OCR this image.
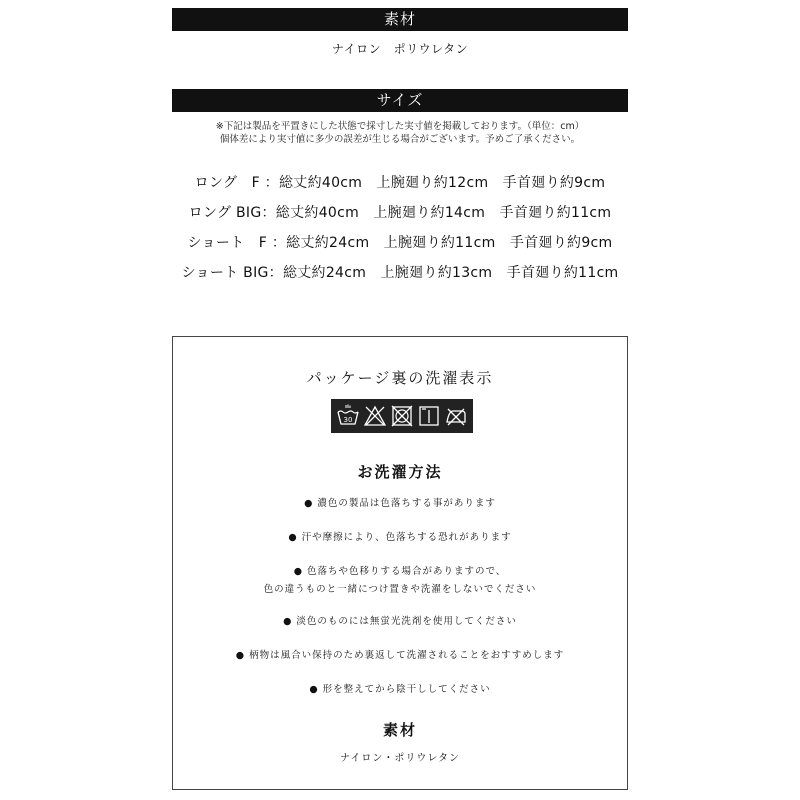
素材
ナイロン　ポリウレタン
サイズ
※下記は製品を平置きにした状態で採寸した実寸値を掲載しております。（単位：cm）
個体差により実寸値に多少の誤差が生じる場合がございます。予めご了承ください。
ロング　F ：総丈約40cm　上腕廻り約12cm　手首廻り約9cm
ロング BIG：総丈約40cm　上腕廻り約14cm　手首廻り約11cm
ショート　F ：総丈約24cm　上腕廻り約11cm　手首廻り約9cm
ショート BIG：総丈約24cm　上腕廻り約13cm　手首廻り約11cm
パッケージ裏の洗濯表示
30
お洗濯方法
● 濃色の製品は色落ちする事があります
● 汗や摩擦により、色落ちする恐れがあります
● 色落ちや色移りする場合がありますので、
色の違うものと一緒につけ置きや洗濯をしないでください
● 淡色のものには無蛍光洗剤を使用してください
● 柄物は風合い保持のため裏返して洗濯されることをおすすめします
● 形を整えてから陰干ししてください
素材
ナイロン・ポリウレタン
